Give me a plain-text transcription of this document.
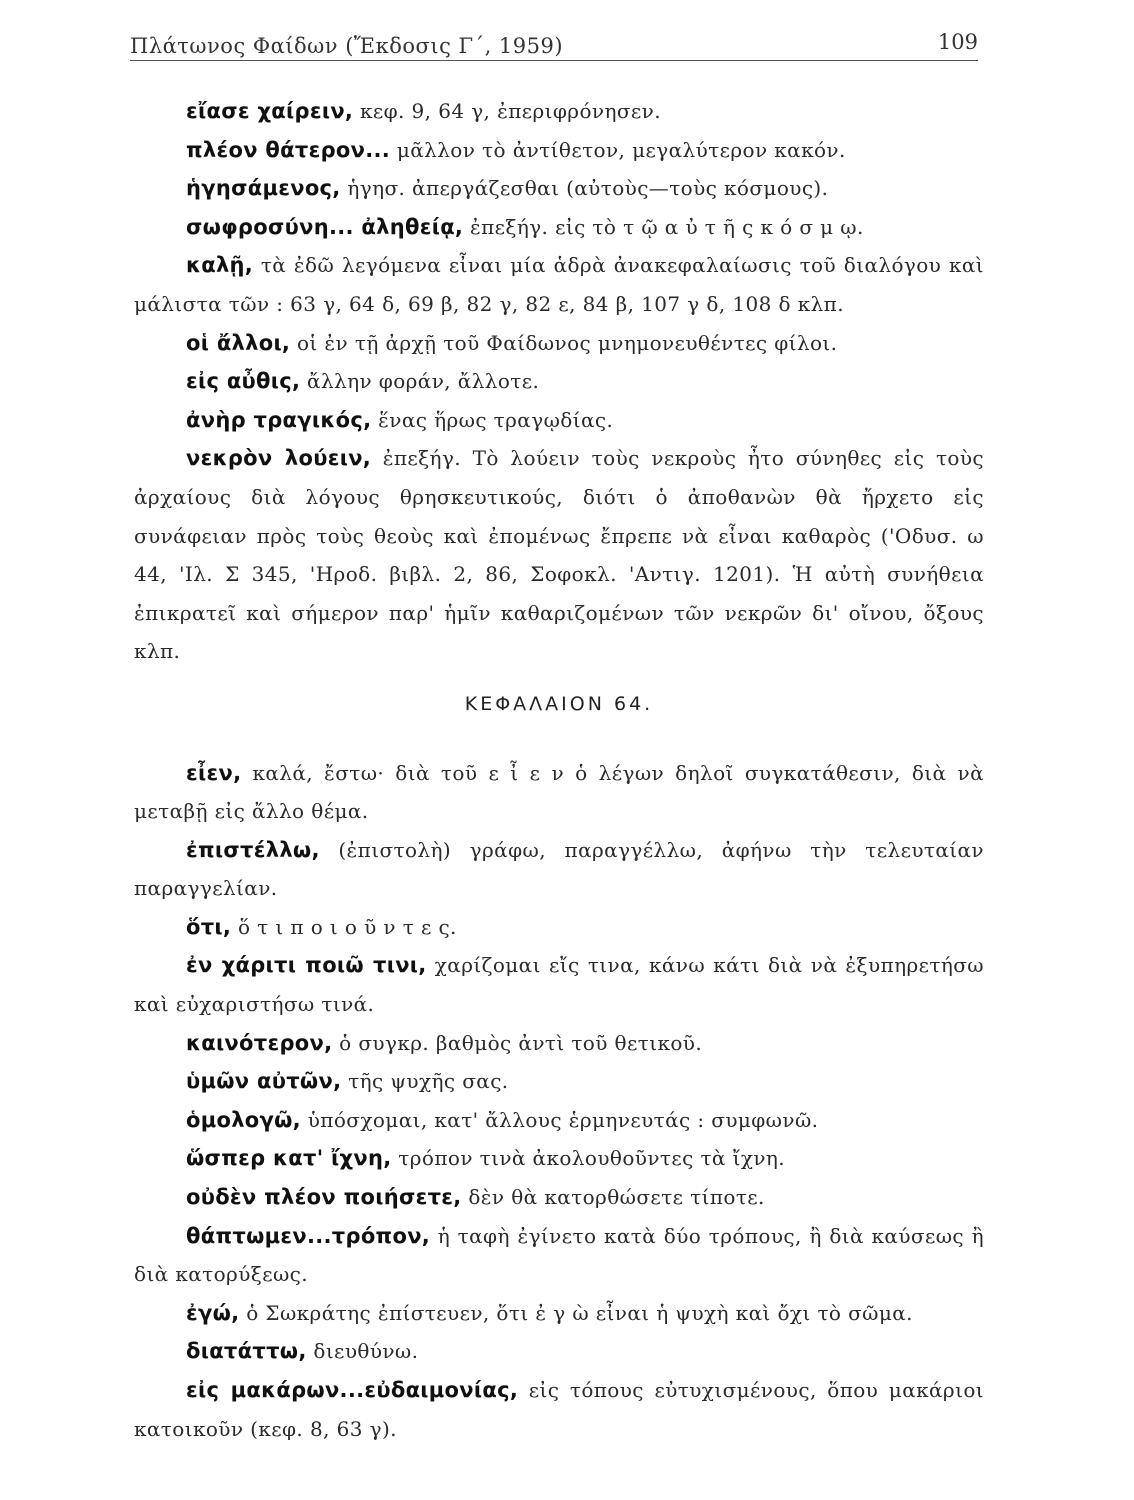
Πλάτωνος Φαίδων (Ἔκδοσις Γ΄, 1959)	109

εἴασε χαίρειν, κεφ. 9, 64 γ, ἐπεριφρόνησεν.

πλέον θάτερον... μᾶλλον τὸ ἀντίθετον, μεγαλύτερον κακόν.

ἡγησάμενος, ἡγησ. ἀπεργάζεσθαι (αὐτοὺς—τοὺς κόσμους).

σωφροσύνη... ἀληθείᾳ, ἐπεξήγ. εἰς τὸ τ ῷ α ὐ τ ῆ ς κ ό σ μ ῳ.

καλῇ, τὰ ἐδῶ λεγόμενα εἶναι μία ἁδρὰ ἀνακεφαλαίωσις τοῦ διαλόγου καὶ μάλιστα τῶν : 63 γ, 64 δ, 69 β, 82 γ, 82 ε, 84 β, 107 γ δ, 108 δ κλπ.

οἱ ἄλλοι, οἱ ἐν τῇ ἀρχῇ τοῦ Φαίδωνος μνημονευθέντες φίλοι.

εἰς αὖθις, ἄλλην φοράν, ἄλλοτε.

ἀνὴρ τραγικός, ἕνας ἥρως τραγῳδίας.

νεκρὸν λούειν, ἐπεξήγ. Τὸ λούειν τοὺς νεκροὺς ἦτο σύνηθες εἰς τοὺς ἀρχαίους διὰ λόγους θρησκευτικούς, διότι ὁ ἀποθανὼν θὰ ἤρχετο εἰς συνάφειαν πρὸς τοὺς θεοὺς καὶ ἐπομένως ἔπρεπε νὰ εἶναι καθαρὸς ('Οδυσ. ω 44, 'Ιλ. Σ 345, 'Ηροδ. βιβλ. 2, 86, Σοφοκλ. 'Αντιγ. 1201). Ἡ αὐτὴ συνήθεια ἐπικρατεῖ καὶ σήμερον παρ' ἡμῖν καθαριζομένων τῶν νεκρῶν δι' οἴνου, ὄξους κλπ.

ΚΕΦΑΛΑΙΟΝ 64.

εἶεν, καλά, ἔστω· διὰ τοῦ ε ἶ ε ν ὁ λέγων δηλοῖ συγκατάθεσιν, διὰ νὰ μεταβῇ εἰς ἄλλο θέμα.

ἐπιστέλλω, (ἐπιστολὴ) γράφω, παραγγέλλω, ἀφήνω τὴν τελευταίαν παραγγελίαν.

ὅτι, ὅ τ ι π ο ι ο ῦ ν τ ε ς.

ἐν χάριτι ποιῶ τινι, χαρίζομαι εἴς τινα, κάνω κάτι διὰ νὰ ἐξυπηρετήσω καὶ εὐχαριστήσω τινά.

καινότερον, ὁ συγκρ. βαθμὸς ἀντὶ τοῦ θετικοῦ.

ὑμῶν αὐτῶν, τῆς ψυχῆς σας.

ὁμολογῶ, ὑπόσχομαι, κατ' ἄλλους ἑρμηνευτάς : συμφωνῶ.

ὥσπερ κατ' ἴχνη, τρόπον τινὰ ἀκολουθοῦντες τὰ ἴχνη.

οὐδὲν πλέον ποιήσετε, δὲν θὰ κατορθώσετε τίποτε.

θάπτωμεν...τρόπον, ἡ ταφὴ ἐγίνετο κατὰ δύο τρόπους, ἢ διὰ καύσεως ἢ διὰ κατορύξεως.

ἐγώ, ὁ Σωκράτης ἐπίστευεν, ὅτι ἐ γ ὼ εἶναι ἡ ψυχὴ καὶ ὄχι τὸ σῶμα.

διατάττω, διευθύνω.

εἰς μακάρων...εὐδαιμονίας, εἰς τόπους εὐτυχισμένους, ὅπου μακάριοι κατοικοῦν (κεφ. 8, 63 γ).
